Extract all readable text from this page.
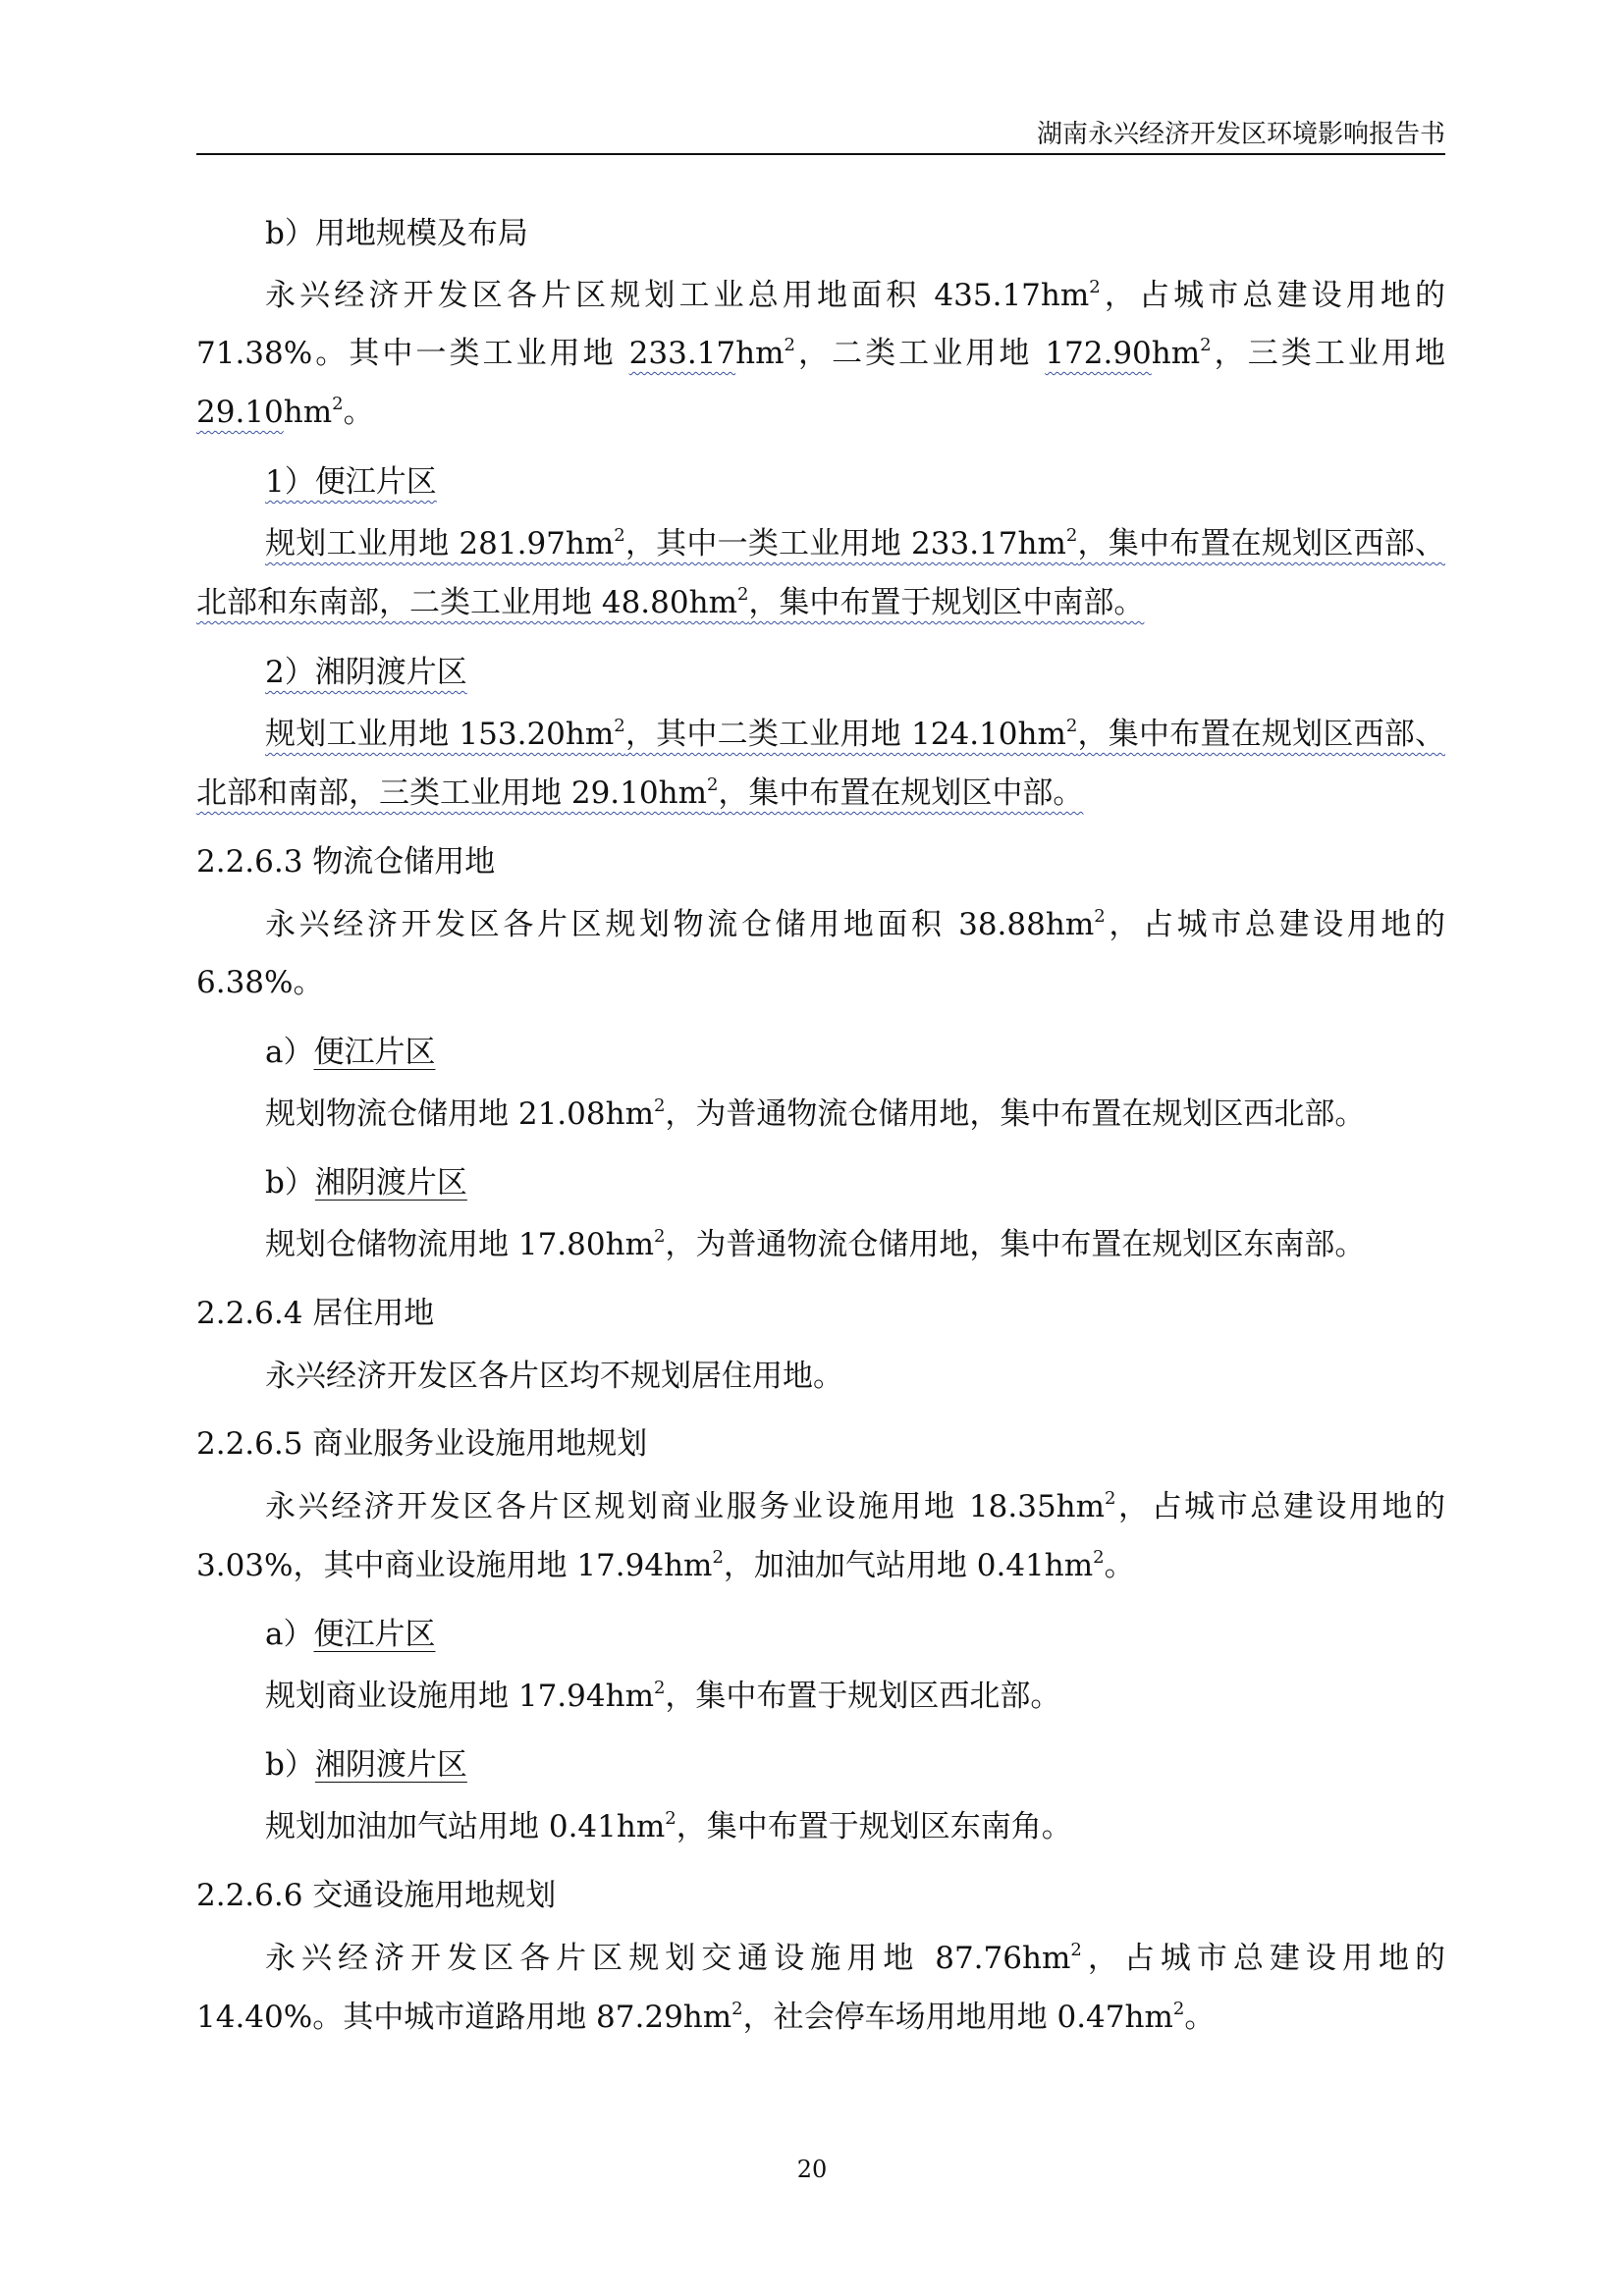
湖南永兴经济开发区环境影响报告书
b）用地规模及布局
永兴经济开发区各片区规划工业总用地面积 $435.17hm^2$，占城市总建设用地的
71.38%。其中一类工业用地 $233.17hm^2$，二类工业用地 $172.90hm^2$，三类工业用地
$29.10hm^2$。
1）便江片区
规划工业用地 $281.97hm^2$，其中一类工业用地 $233.17hm^2$，集中布置在规划区西部、
北部和东南部，二类工业用地 $48.80hm^2$，集中布置于规划区中南部。
2）湘阴渡片区
规划工业用地 $153.20hm^2$，其中二类工业用地 $124.10hm^2$，集中布置在规划区西部、
北部和南部，三类工业用地 $29.10hm^2$，集中布置在规划区中部。
2.2.6.3 物流仓储用地
永兴经济开发区各片区规划物流仓储用地面积 $38.88hm^2$，占城市总建设用地的
6.38%。
a）便江片区
规划物流仓储用地 $21.08hm^2$，为普通物流仓储用地，集中布置在规划区西北部。
b）湘阴渡片区
规划仓储物流用地 $17.80hm^2$，为普通物流仓储用地，集中布置在规划区东南部。
2.2.6.4 居住用地
永兴经济开发区各片区均不规划居住用地。
2.2.6.5 商业服务业设施用地规划
永兴经济开发区各片区规划商业服务业设施用地 $18.35hm^2$，占城市总建设用地的
3.03%，其中商业设施用地 $17.94hm^2$，加油加气站用地 $0.41hm^2$。
a）便江片区
规划商业设施用地 $17.94hm^2$，集中布置于规划区西北部。
b）湘阴渡片区
规划加油加气站用地 $0.41hm^2$，集中布置于规划区东南角。
2.2.6.6 交通设施用地规划
永兴经济开发区各片区规划交通设施用地 $87.76hm^2$，占城市总建设用地的
14.40%。其中城市道路用地 $87.29hm^2$，社会停车场用地用地 $0.47hm^2$。
20
